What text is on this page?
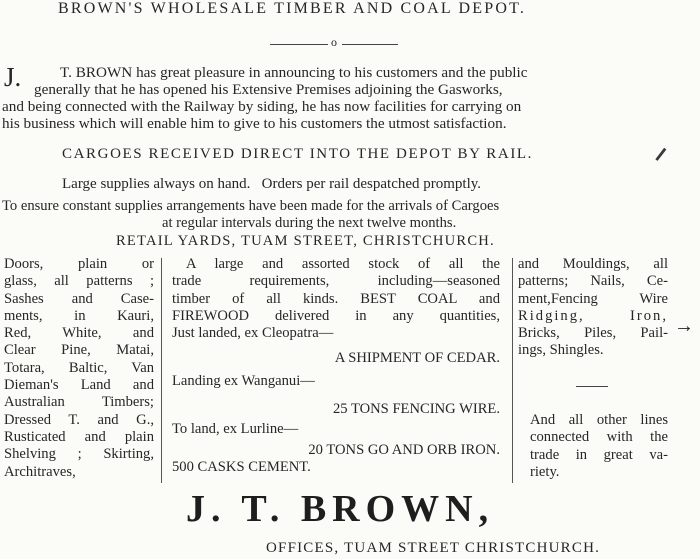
BROWN'S WHOLESALE TIMBER AND COAL DEPOT.
o
J.	T. BROWN has great pleasure in announcing to his customers and the public
generally that he has opened his Extensive Premises adjoining the Gasworks,
and being connected with the Railway by siding, he has now facilities for carrying on
his business which will enable him to give to his customers the utmost satisfaction.
CARGOES RECEIVED DIRECT INTO THE DEPOT BY RAIL.
Large supplies always on hand.   Orders per rail despatched promptly.
To ensure constant supplies arrangements have been made for the arrivals of Cargoes
at regular intervals during the next twelve months.
RETAIL YARDS, TUAM STREET, CHRISTCHURCH.
Doors, plain or
glass, all patterns ;
Sashes and Case-
ments, in Kauri,
Red, White, and
Clear Pine, Matai,
Totara, Baltic, Van
Dieman's Land and
Australian Timbers;
Dressed T. and G.,
Rusticated and plain
Shelving ; Skirting,
Architraves,
A large and assorted stock of all the
trade requirements, including—seasoned
timber of all kinds. BEST COAL and
FIREWOOD delivered in any quantities,
Just landed, ex Cleopatra—
A SHIPMENT OF CEDAR.
Landing ex Wanganui—
25 TONS FENCING WIRE.
To land, ex Lurline—
20 TONS GO AND ORB IRON.
500 CASKS CEMENT.
and Mouldings, all
patterns; Nails, Ce-
ment,Fencing Wire
Ridging, Iron,
Bricks, Piles, Pail-
ings, Shingles.
And all other lines
connected with the
trade in great va-
riety.
J. T. BROWN,
OFFICES, TUAM STREET CHRISTCHURCH.
⹝
→
